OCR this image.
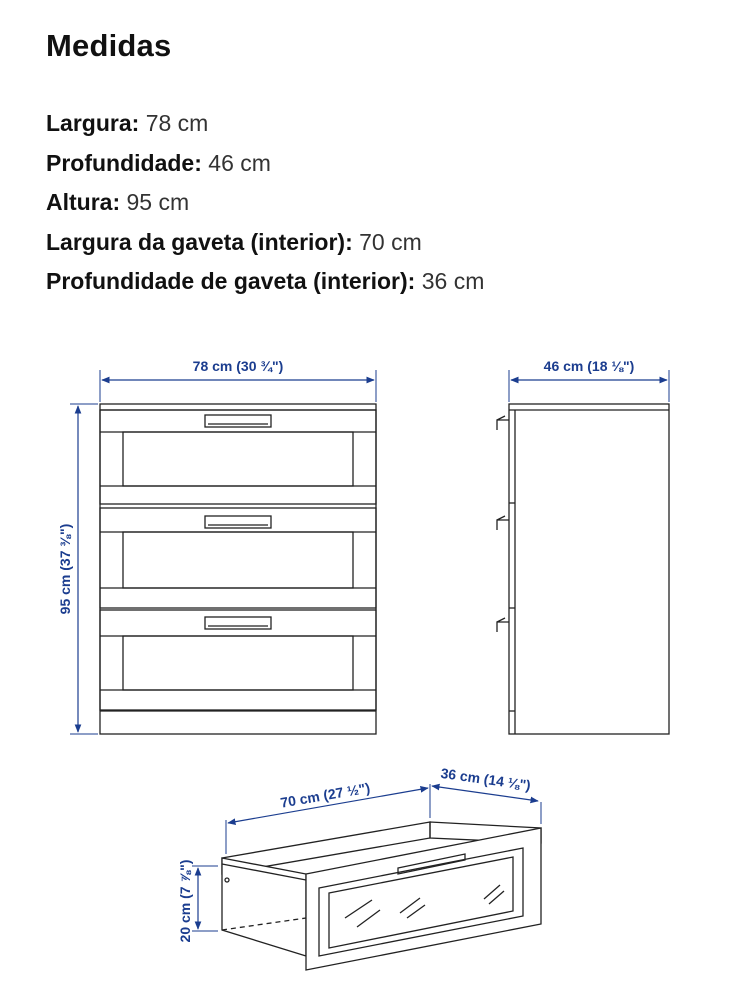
Medidas
Largura: 78 cm
Profundidade: 46 cm
Altura: 95 cm
Largura da gaveta (interior): 70 cm
Profundidade de gaveta (interior): 36 cm
78 cm (30 ¾")
95 cm (37 ⅜")
46 cm (18 ⅛")
70 cm (27 ½")
36 cm (14 ⅛")
20 cm (7 ⅞")
